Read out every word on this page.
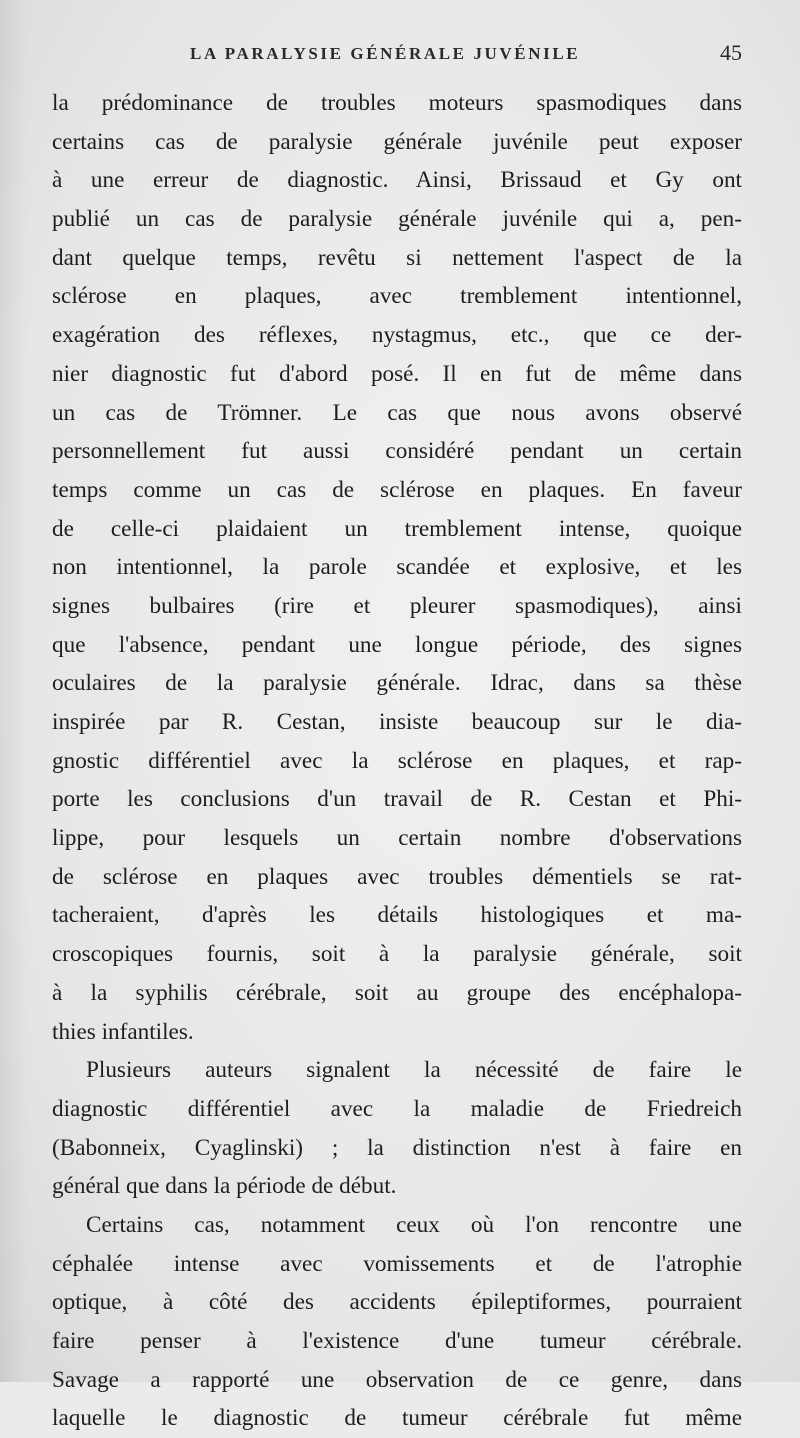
LA PARALYSIE GÉNÉRALE JUVÉNILE	45
la prédominance de troubles moteurs spasmodiques dans
certains cas de paralysie générale juvénile peut exposer
à une erreur de diagnostic. Ainsi, Brissaud et Gy ont
publié un cas de paralysie générale juvénile qui a, pen-
dant quelque temps, revêtu si nettement l'aspect de la
sclérose en plaques, avec tremblement intentionnel,
exagération des réflexes, nystagmus, etc., que ce der-
nier diagnostic fut d'abord posé. Il en fut de même dans
un cas de Trömner. Le cas que nous avons observé
personnellement fut aussi considéré pendant un certain
temps comme un cas de sclérose en plaques. En faveur
de celle-ci plaidaient un tremblement intense, quoique
non intentionnel, la parole scandée et explosive, et les
signes bulbaires (rire et pleurer spasmodiques), ainsi
que l'absence, pendant une longue période, des signes
oculaires de la paralysie générale. Idrac, dans sa thèse
inspirée par R. Cestan, insiste beaucoup sur le dia-
gnostic différentiel avec la sclérose en plaques, et rap-
porte les conclusions d'un travail de R. Cestan et Phi-
lippe, pour lesquels un certain nombre d'observations
de sclérose en plaques avec troubles démentiels se rat-
tacheraient, d'après les détails histologiques et ma-
croscopiques fournis, soit à la paralysie générale, soit
à la syphilis cérébrale, soit au groupe des encéphalopa-
thies infantiles.
Plusieurs auteurs signalent la nécessité de faire le
diagnostic différentiel avec la maladie de Friedreich
(Babonneix, Cyaglinski) ; la distinction n'est à faire en
général que dans la période de début.
Certains cas, notamment ceux où l'on rencontre une
céphalée intense avec vomissements et de l'atrophie
optique, à côté des accidents épileptiformes, pourraient
faire penser à l'existence d'une tumeur cérébrale.
Savage a rapporté une observation de ce genre, dans
laquelle le diagnostic de tumeur cérébrale fut même
